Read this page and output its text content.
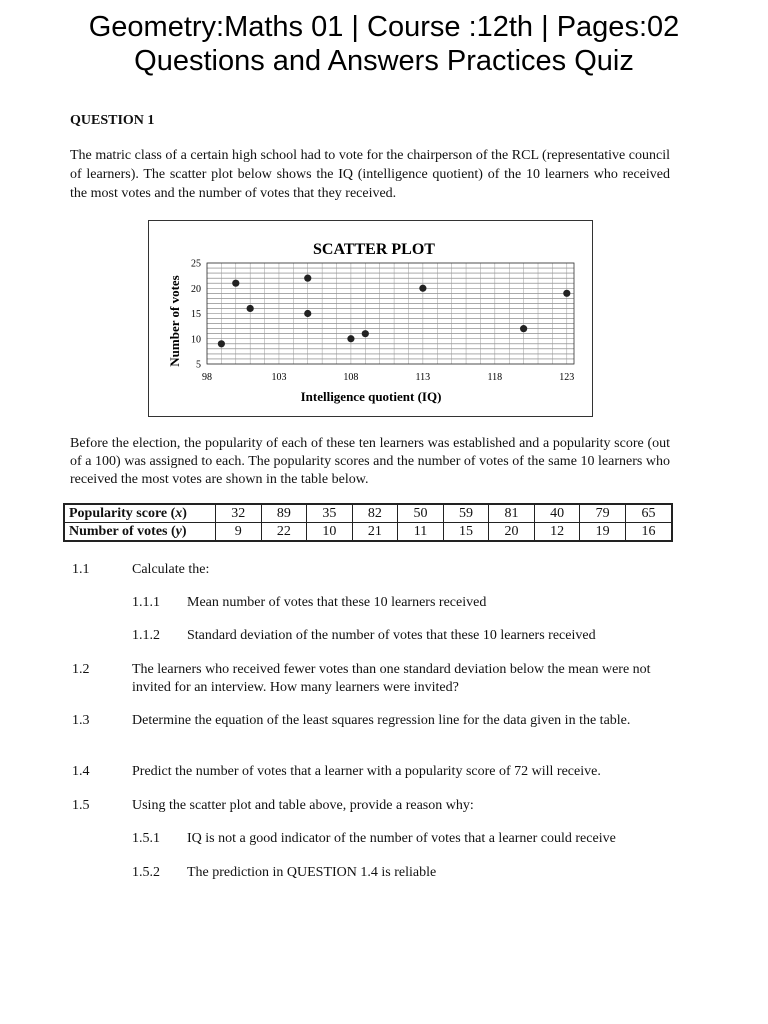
Geometry:Maths 01 | Course :12th | Pages:02
Questions and Answers Practices Quiz
QUESTION 1
The matric class of a certain high school had to vote for the chairperson of the RCL (representative council of learners). The scatter plot below shows the IQ (intelligence quotient) of the 10 learners who received the most votes and the number of votes that they received.
SCATTER PLOT
Intelligence quotient (IQ)
Number of votes
98	103	108	113	118	123
5
10
15
20
25
Before the election, the popularity of each of these ten learners was established and a popularity score (out of a 100) was assigned to each. The popularity scores and the number of votes of the same 10 learners who received the most votes are shown in the table below.
Popularity score (x)	32	89	35	82	50	59	81	40	79	65
Number of votes (y)	9	22	10	21	11	15	20	12	19	16
1.1	Calculate the:
1.1.1 Mean number of votes that these 10 learners received
1.1.2 Standard deviation of the number of votes that these 10 learners received
1.2	The learners who received fewer votes than one standard deviation below the mean were not invited for an interview. How many learners were invited?
1.3	Determine the equation of the least squares regression line for the data given in the table.
1.4	Predict the number of votes that a learner with a popularity score of 72 will receive.
1.5	Using the scatter plot and table above, provide a reason why:
1.5.1 IQ is not a good indicator of the number of votes that a learner could receive
1.5.2 The prediction in QUESTION 1.4 is reliable
